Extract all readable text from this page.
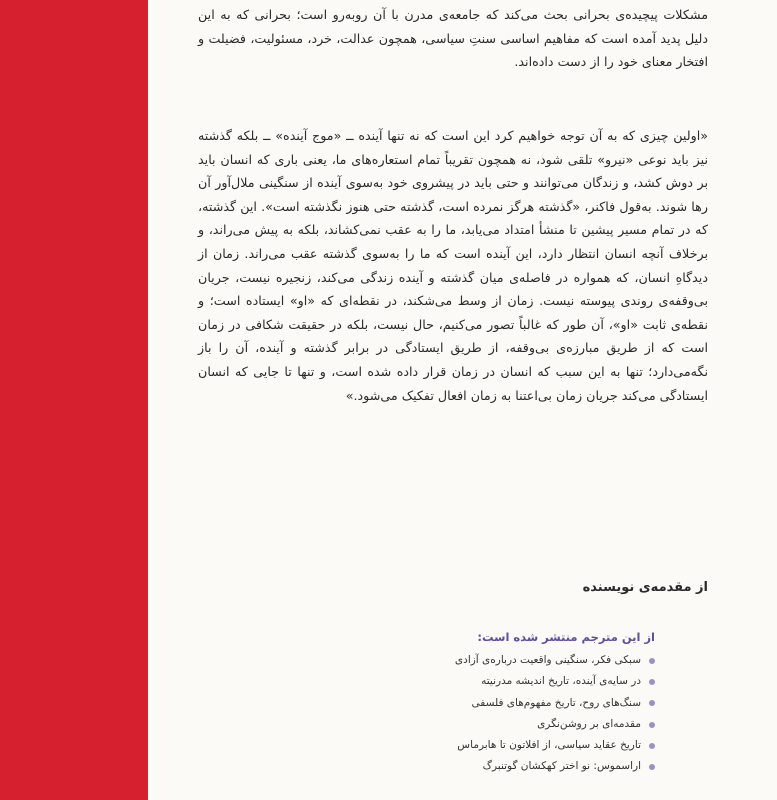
مشکلات پیچیده‌ی بحرانی بحث می‌کند که جامعه‌ی مدرن با آن روبه‌رو است؛ بحرانی که به این دلیل پدید آمده است که مفاهیم اساسی سنتِ سیاسی، همچون عدالت، خرد، مسئولیت، فضیلت و افتخار معنای خود را از دست داده‌اند.

«اولین چیزی که به آن توجه خواهیم کرد این است که نه تنها آینده ــ «موج آینده» ــ بلکه گذشته نیز باید نوعی «نیرو» تلقی شود، نه همچون تقریباً تمام استعاره‌های ما، یعنی باری که انسان باید بر دوش کشد، و زندگان می‌توانند و حتی باید در پیشروی خود به‌سوی آینده از سنگینی ملال‌آور آن رها شوند. به‌قول فاکنر، «گذشته هرگز نمرده است، گذشته حتی هنوز نگذشته است». این گذشته، که در تمام مسیر پیشین تا منشأ امتداد می‌یابد، ما را به عقب نمی‌کشاند، بلکه به پیش می‌راند، و برخلاف آنچه انسان انتظار دارد، این آینده است که ما را به‌سوی گذشته عقب می‌راند. زمان از دیدگاهِ انسان، که همواره در فاصله‌ی میان گذشته و آینده زندگی می‌کند، زنجیره نیست، جریان بی‌وقفه‌ی روندی پیوسته نیست. زمان از وسط می‌شکند، در نقطه‌ای که «او» ایستاده است؛ و نقطه‌ی ثابت «او»، آن طور که غالباً تصور می‌کنیم، حال نیست، بلکه در حقیقت شکافی در زمان است که از طریق مبارزه‌ی بی‌وقفه، از طریق ایستادگی در برابر گذشته و آینده، آن را باز نگه‌می‌دارد؛ تنها به این سبب که انسان در زمان قرار داده شده است، و تنها تا جایی که انسان ایستادگی می‌کند جریان زمان بی‌اعتنا به زمان افعال تفکیک می‌شود.»

از مقدمه‌ی نویسنده
از این مترجم منتشر شده است:
سبکی فکر، سنگینی واقعیت درباره‌ی آزادی
در سایه‌ی آینده، تاریخ اندیشه مدرنیته
سنگ‌های روح، تاریخ مفهوم‌های فلسفی
مقدمه‌ای بر روشن‌نگری
تاریخ عقاید سیاسی، از افلاتون تا هابرماس
اراسموس: نو اختر کهکشان گوتنبرگ
